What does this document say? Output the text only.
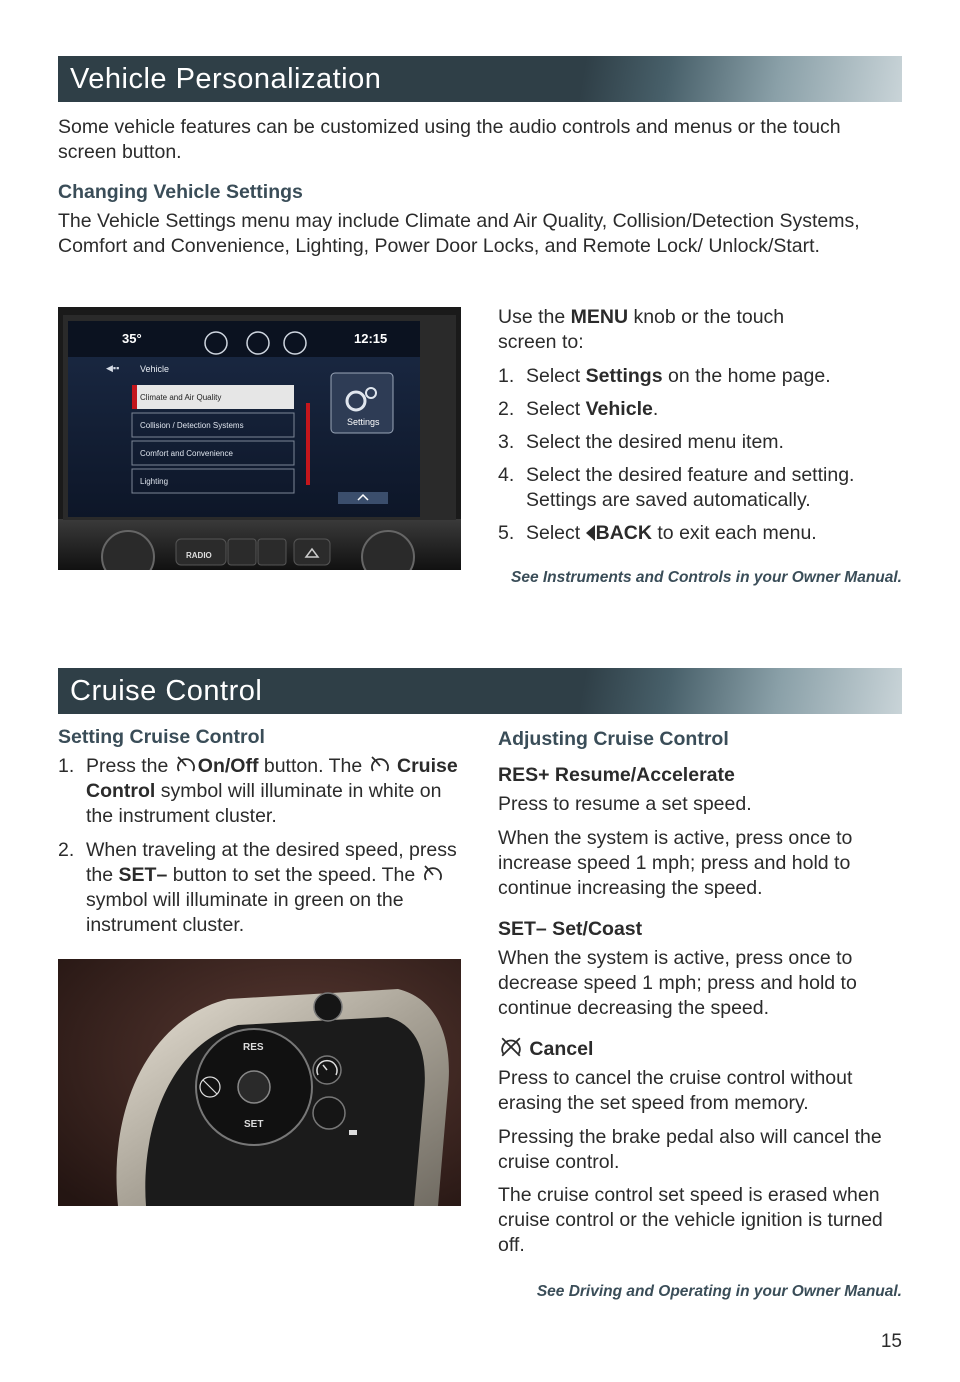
Vehicle Personalization

Some vehicle features can be customized using the audio controls and menus or the touch screen button.

Changing Vehicle Settings

The Vehicle Settings menu may include Climate and Air Quality, Collision/Detection Systems, Comfort and Convenience, Lighting, Power Door Locks, and Remote Lock/ Unlock/Start.

35°	12:15
◀▪▪ Vehicle
Climate and Air Quality
Collision / Detection Systems
Comfort and Convenience
Lighting
Settings
RADIO

Use the MENU knob or the touch screen to:

1. Select Settings on the home page.
2. Select Vehicle.
3. Select the desired menu item.
4. Select the desired feature and setting. Settings are saved automatically.
5. Select BACK to exit each menu.

See Instruments and Controls in your Owner Manual.

Cruise Control

Setting Cruise Control

1. Press the On/Off button. The  Cruise Control symbol will illuminate in white on the instrument cluster.
2. When traveling at the desired speed, press the SET– button to set the speed. The  symbol will illuminate in green on the instrument cluster.
RES
SET

Adjusting Cruise Control

RES+ Resume/Accelerate

Press to resume a set speed.

When the system is active, press once to increase speed 1 mph; press and hold to continue increasing the speed.

SET– Set/Coast

When the system is active, press once to decrease speed 1 mph; press and hold to continue decreasing the speed.

Cancel

Press to cancel the cruise control without erasing the set speed from memory.

Pressing the brake pedal also will cancel the cruise control.

The cruise control set speed is erased when cruise control or the vehicle ignition is turned off.

See Driving and Operating in your Owner Manual.

15
